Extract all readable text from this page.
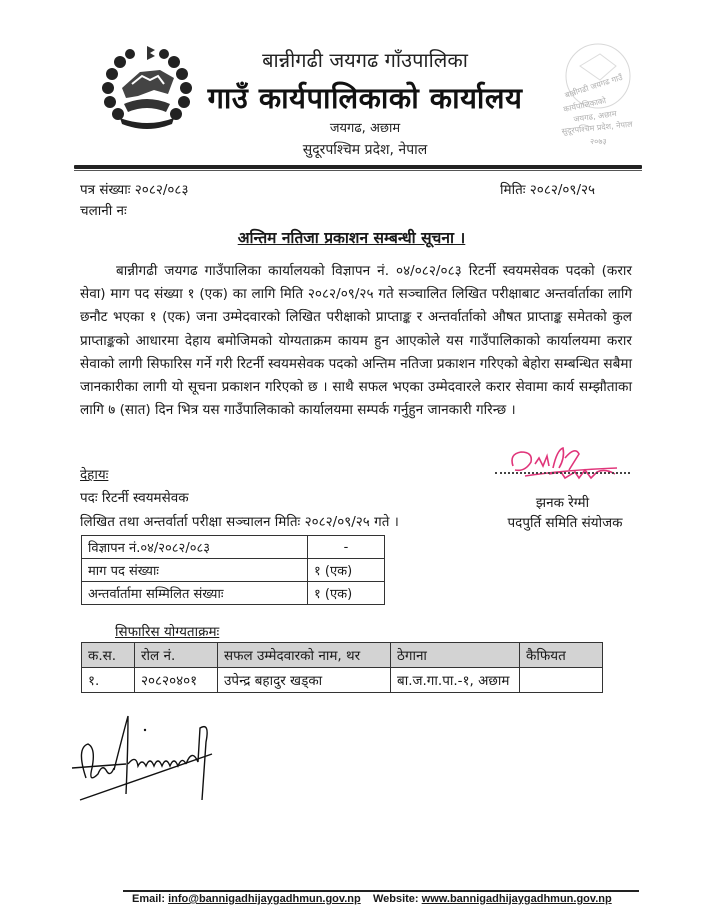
बान्नीगढी जयगढ गाउँ
कार्यपालिकाको
जयगढ, अछाम
सुदूरपश्चिम प्रदेश, नेपाल
२०७३
बान्नीगढी जयगढ गाँउपालिका
गाउँ कार्यपालिकाको कार्यालय
जयगढ, अछाम
सुदूरपश्चिम प्रदेश, नेपाल
पत्र संख्याः २०८२/०८३	मितिः २०८२/०९/२५
चलानी नः
अन्तिम नतिजा प्रकाशन सम्बन्धी सूचना ।
बान्नीगढी जयगढ गाउँपालिका कार्यालयको विज्ञापन नं. ०४/०८२/०८३ रिटर्नी स्वयमसेवक पदको (करार सेवा) माग पद संख्या १ (एक) का लागि मिति २०८२/०९/२५ गते सञ्चालित लिखित परीक्षाबाट अन्तर्वार्ताका लागि छनौट भएका १ (एक) जना उम्मेदवारको लिखित परीक्षाको प्राप्ताङ्क र अन्तर्वार्ताको औषत प्राप्ताङ्क समेतको कुल प्राप्ताङ्कको आधारमा देहाय बमोजिमको योग्यताक्रम कायम हुन आएकोले यस गाउँपालिकाको कार्यालयमा करार सेवाको लागी सिफारिस गर्ने गरी रिटर्नी स्वयमसेवक पदको अन्तिम नतिजा प्रकाशन गरिएको बेहोरा सम्बन्धित सबैमा जानकारीका लागी यो सूचना प्रकाशन गरिएको छ । साथै सफल भएका उम्मेदवारले करार सेवामा कार्य सम्झौताका लागि ७ (सात) दिन भित्र यस गाउँपालिकाको कार्यालयमा सम्पर्क गर्नुहुन जानकारी गरिन्छ ।
देहायः
पदः रिटर्नी स्वयमसेवक
लिखित तथा अन्तर्वार्ता परीक्षा सञ्चालन मितिः २०८२/०९/२५ गते ।
विज्ञापन नं.०४/२०८२/०८३	-
माग पद संख्याः	१ (एक)
अन्तर्वार्तामा सम्मिलित संख्याः	१ (एक)
झनक रेग्मी
पदपुर्ति समिति संयोजक
सिफारिस योग्यताक्रमः
क.स.	रोल नं.	सफल उम्मेदवारको नाम, थर	ठेगाना	कैफियत
१.	२०८२०४०१	उपेन्द्र बहादुर खड्का	बा.ज.गा.पा.-१, अछाम	
Email: info@bannigadhijaygadhmun.gov.np Website: www.bannigadhijaygadhmun.gov.np
